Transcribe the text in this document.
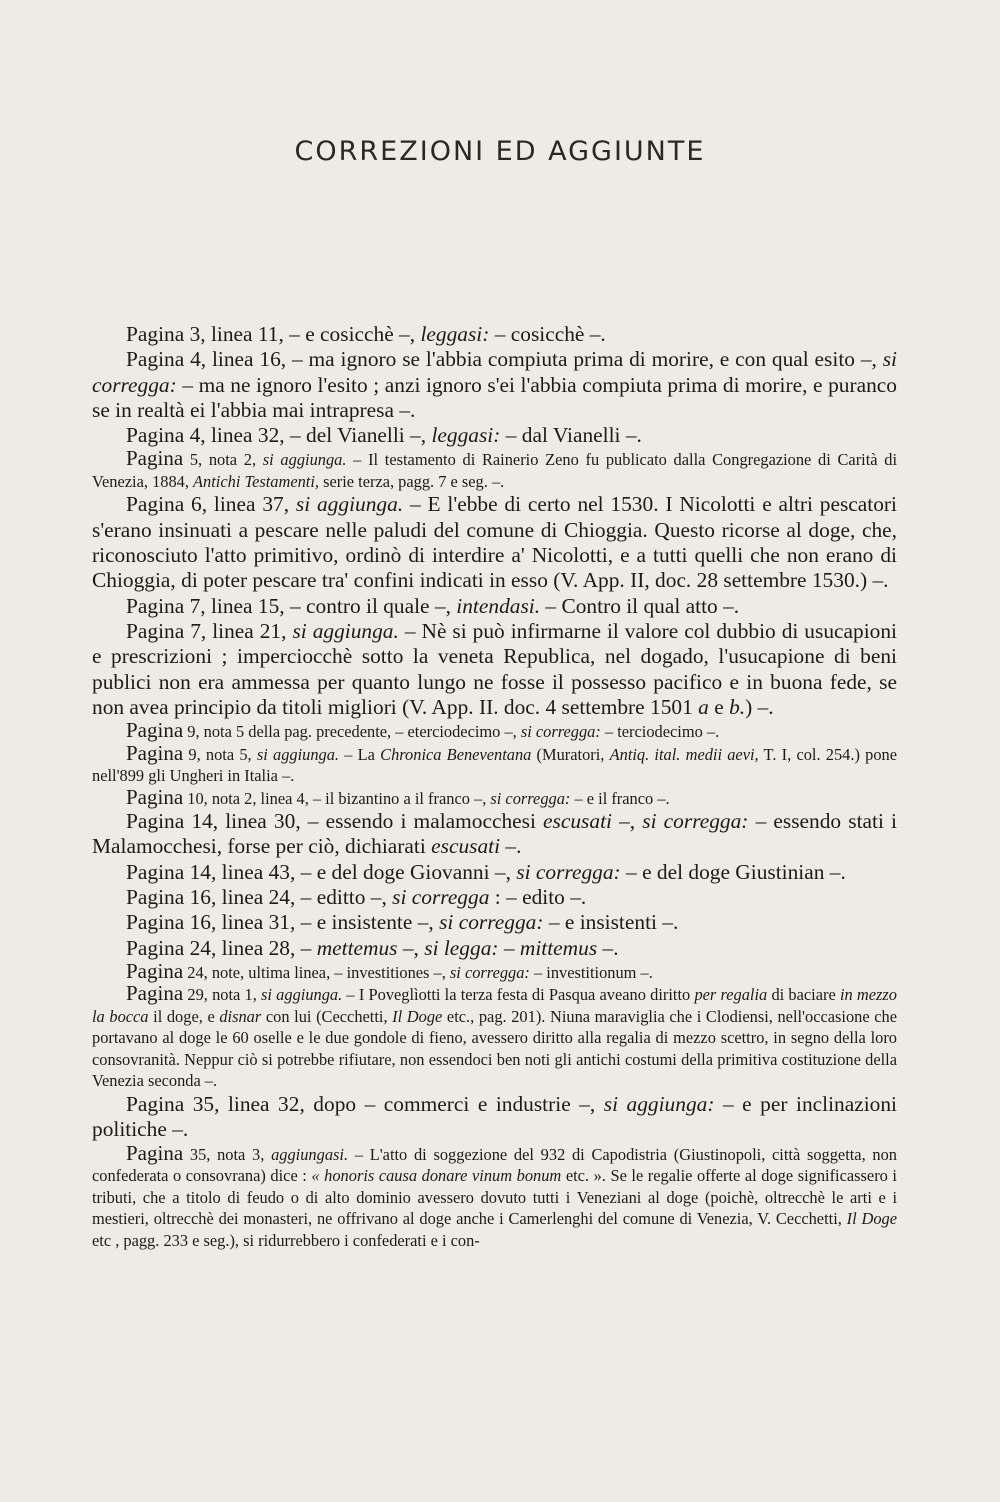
CORREZIONI ED AGGIUNTE

Pagina 3, linea 11, – e cosicchè –, leggasi: – cosicchè –.

Pagina 4, linea 16, – ma ignoro se l'abbia compiuta prima di morire, e con qual esito –, si corregga: – ma ne ignoro l'esito ; anzi ignoro s'ei l'abbia compiuta prima di morire, e puranco se in realtà ei l'abbia mai intrapresa –.

Pagina 4, linea 32, – del Vianelli –, leggasi: – dal Vianelli –.

Pagina 5, nota 2, si aggiunga. – Il testamento di Rainerio Zeno fu publicato dalla Congregazione di Carità di Venezia, 1884, Antichi Testamenti, serie terza, pagg. 7 e seg. –.

Pagina 6, linea 37, si aggiunga. – E l'ebbe di certo nel 1530. I Nicolotti e altri pescatori s'erano insinuati a pescare nelle paludi del comune di Chioggia. Questo ricorse al doge, che, riconosciuto l'atto primitivo, ordinò di interdire a' Nicolotti, e a tutti quelli che non erano di Chioggia, di poter pescare tra' confini indicati in esso (V. App. II, doc. 28 settembre 1530.) –.

Pagina 7, linea 15, – contro il quale –, intendasi. – Contro il qual atto –.

Pagina 7, linea 21, si aggiunga. – Nè si può infirmarne il valore col dubbio di usucapioni e prescrizioni ; imperciocchè sotto la veneta Republica, nel dogado, l'usucapione di beni publici non era ammessa per quanto lungo ne fosse il possesso pacifico e in buona fede, se non avea principio da titoli migliori (V. App. II. doc. 4 settembre 1501 a e b.) –.

Pagina 9, nota 5 della pag. precedente, – eterciodecimo –, si corregga: – terciodecimo –.

Pagina 9, nota 5, si aggiunga. – La Chronica Beneventana (Muratori, Antiq. ital. medii aevi, T. I, col. 254.) pone nell'899 gli Ungheri in Italia –.

Pagina 10, nota 2, linea 4, – il bizantino a il franco –, si corregga: – e il franco –.

Pagina 14, linea 30, – essendo i malamocchesi escusati –, si corregga: – essendo stati i Malamocchesi, forse per ciò, dichiarati escusati –.

Pagina 14, linea 43, – e del doge Giovanni –, si corregga: – e del doge Giustinian –.

Pagina 16, linea 24, – editto –, si corregga : – edito –.

Pagina 16, linea 31, – e insistente –, si corregga: – e insistenti –.

Pagina 24, linea 28, – mettemus –, si legga: – mittemus –.

Pagina 24, note, ultima linea, – investitiones –, si corregga: – investitionum –.

Pagina 29, nota 1, si aggiunga. – I Poveglìotti la terza festa di Pasqua aveano diritto per regalia di baciare in mezzo la bocca il doge, e disnar con lui (Cecchetti, Il Doge etc., pag. 201). Niuna maraviglia che i Clodiensi, nell'occasione che portavano al doge le 60 oselle e le due gondole di fieno, avessero diritto alla regalia di mezzo scettro, in segno della loro consovranità. Neppur ciò si potrebbe rifiutare, non essendoci ben noti gli antichi costumi della primitiva costituzione della Venezia seconda –.

Pagina 35, linea 32, dopo – commerci e industrie –, si aggiunga: – e per inclinazioni politiche –.

Pagina 35, nota 3, aggiungasi. – L'atto di soggezione del 932 di Capodistria (Giustinopoli, città soggetta, non confederata o consovrana) dice : « honoris causa donare vinum bonum etc. ». Se le regalie offerte al doge significassero i tributi, che a titolo di feudo o di alto dominio avessero dovuto tutti i Veneziani al doge (poichè, oltrecchè le arti e i mestieri, oltrecchè dei monasteri, ne offrivano al doge anche i Camerlenghi del comune di Venezia, V. Cecchetti, Il Doge etc , pagg. 233 e seg.), si ridurrebbero i confederati e i con-
